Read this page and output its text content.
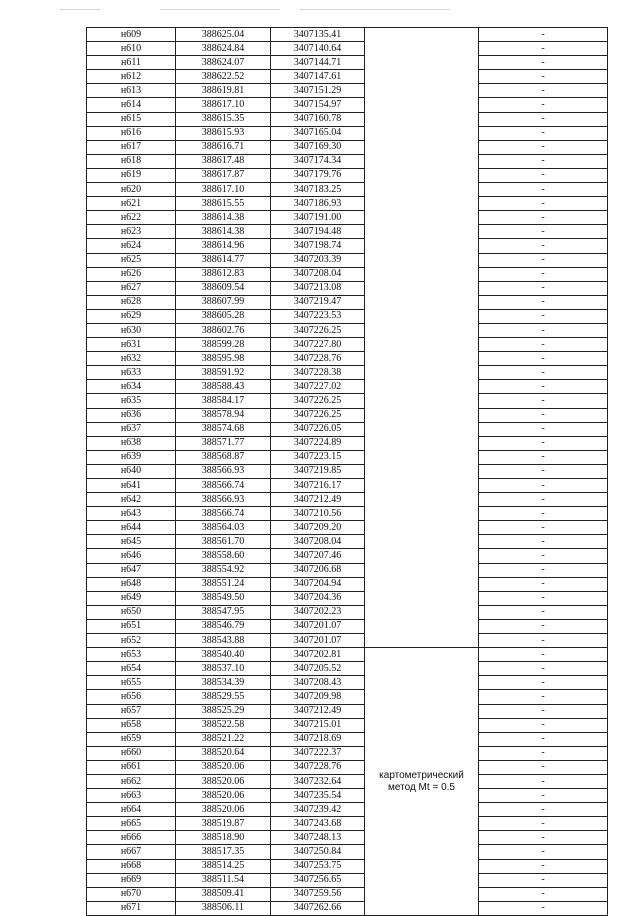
н609	388625.04	3407135.41		-
н610	388624.84	3407140.64		-
н611	388624.07	3407144.71		-
н612	388622.52	3407147.61		-
н613	388619.81	3407151.29		-
н614	388617.10	3407154.97		-
н615	388615.35	3407160.78		-
н616	388615.93	3407165.04		-
н617	388616.71	3407169.30		-
н618	388617.48	3407174.34		-
н619	388617.87	3407179.76		-
н620	388617.10	3407183.25		-
н621	388615.55	3407186.93		-
н622	388614.38	3407191.00		-
н623	388614.38	3407194.48		-
н624	388614.96	3407198.74		-
н625	388614.77	3407203.39		-
н626	388612.83	3407208.04		-
н627	388609.54	3407213.08		-
н628	388607.99	3407219.47		-
н629	388605.28	3407223.53		-
н630	388602.76	3407226.25		-
н631	388599.28	3407227.80		-
н632	388595.98	3407228.76		-
н633	388591.92	3407228.38		-
н634	388588.43	3407227.02		-
н635	388584.17	3407226.25		-
н636	388578.94	3407226.25		-
н637	388574.68	3407226.05		-
н638	388571.77	3407224.89		-
н639	388568.87	3407223.15		-
н640	388566.93	3407219.85		-
н641	388566.74	3407216.17		-
н642	388566.93	3407212.49		-
н643	388566.74	3407210.56		-
н644	388564.03	3407209.20		-
н645	388561.70	3407208.04		-
н646	388558.60	3407207.46		-
н647	388554.92	3407206.68		-
н648	388551.24	3407204.94		-
н649	388549.50	3407204.36		-
н650	388547.95	3407202.23		-
н651	388546.79	3407201.07		-
н652	388543.88	3407201.07		-
н653	388540.40	3407202.81	картометрический метод Mt = 0.5	-
н654	388537.10	3407205.52		-
н655	388534.39	3407208.43		-
н656	388529.55	3407209.98		-
н657	388525.29	3407212.49		-
н658	388522.58	3407215.01		-
н659	388521.22	3407218.69		-
н660	388520.64	3407222.37		-
н661	388520.06	3407228.76		-
н662	388520.06	3407232.64		-
н663	388520.06	3407235.54		-
н664	388520.06	3407239.42		-
н665	388519.87	3407243.68		-
н666	388518.90	3407248.13		-
н667	388517.35	3407250.84		-
н668	388514.25	3407253.75		-
н669	388511.54	3407256.65		-
н670	388509.41	3407259.56		-
н671	388506.11	3407262.66		-
